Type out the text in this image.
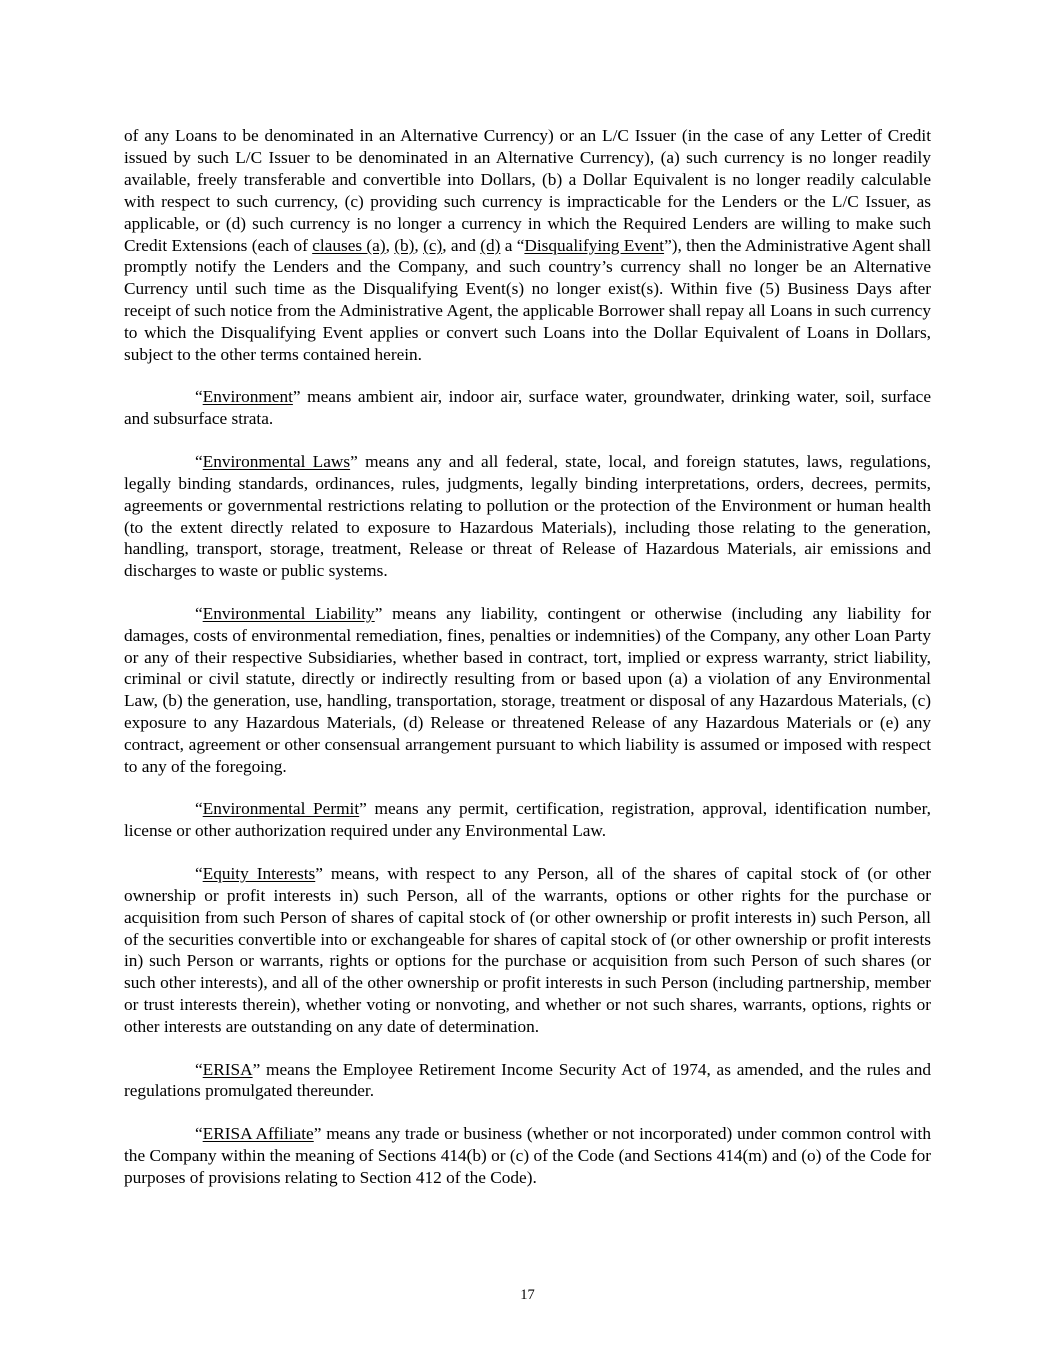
of any Loans to be denominated in an Alternative Currency) or an L/C Issuer (in the case of any Letter of Credit issued by such L/C Issuer to be denominated in an Alternative Currency), (a) such currency is no longer readily available, freely transferable and convertible into Dollars, (b) a Dollar Equivalent is no longer readily calculable with respect to such currency, (c) providing such currency is impracticable for the Lenders or the L/C Issuer, as applicable, or (d) such currency is no longer a currency in which the Required Lenders are willing to make such Credit Extensions (each of clauses (a), (b), (c), and (d) a “Disqualifying Event”), then the Administrative Agent shall promptly notify the Lenders and the Company, and such country’s currency shall no longer be an Alternative Currency until such time as the Disqualifying Event(s) no longer exist(s). Within five (5) Business Days after receipt of such notice from the Administrative Agent, the applicable Borrower shall repay all Loans in such currency to which the Disqualifying Event applies or convert such Loans into the Dollar Equivalent of Loans in Dollars, subject to the other terms contained herein.

“Environment” means ambient air, indoor air, surface water, groundwater, drinking water, soil, surface and subsurface strata.

“Environmental Laws” means any and all federal, state, local, and foreign statutes, laws, regulations, legally binding standards, ordinances, rules, judgments, legally binding interpretations, orders, decrees, permits, agreements or governmental restrictions relating to pollution or the protection of the Environment or human health (to the extent directly related to exposure to Hazardous Materials), including those relating to the generation, handling, transport, storage, treatment, Release or threat of Release of Hazardous Materials, air emissions and discharges to waste or public systems.

“Environmental Liability” means any liability, contingent or otherwise (including any liability for damages, costs of environmental remediation, fines, penalties or indemnities) of the Company, any other Loan Party or any of their respective Subsidiaries, whether based in contract, tort, implied or express warranty, strict liability, criminal or civil statute, directly or indirectly resulting from or based upon (a) a violation of any Environmental Law, (b) the generation, use, handling, transportation, storage, treatment or disposal of any Hazardous Materials, (c) exposure to any Hazardous Materials, (d) Release or threatened Release of any Hazardous Materials or (e) any contract, agreement or other consensual arrangement pursuant to which liability is assumed or imposed with respect to any of the foregoing.

“Environmental Permit” means any permit, certification, registration, approval, identification number, license or other authorization required under any Environmental Law.

“Equity Interests” means, with respect to any Person, all of the shares of capital stock of (or other ownership or profit interests in) such Person, all of the warrants, options or other rights for the purchase or acquisition from such Person of shares of capital stock of (or other ownership or profit interests in) such Person, all of the securities convertible into or exchangeable for shares of capital stock of (or other ownership or profit interests in) such Person or warrants, rights or options for the purchase or acquisition from such Person of such shares (or such other interests), and all of the other ownership or profit interests in such Person (including partnership, member or trust interests therein), whether voting or nonvoting, and whether or not such shares, warrants, options, rights or other interests are outstanding on any date of determination.

“ERISA” means the Employee Retirement Income Security Act of 1974, as amended, and the rules and regulations promulgated thereunder.

“ERISA Affiliate” means any trade or business (whether or not incorporated) under common control with the Company within the meaning of Sections 414(b) or (c) of the Code (and Sections 414(m) and (o) of the Code for purposes of provisions relating to Section 412 of the Code).

17
